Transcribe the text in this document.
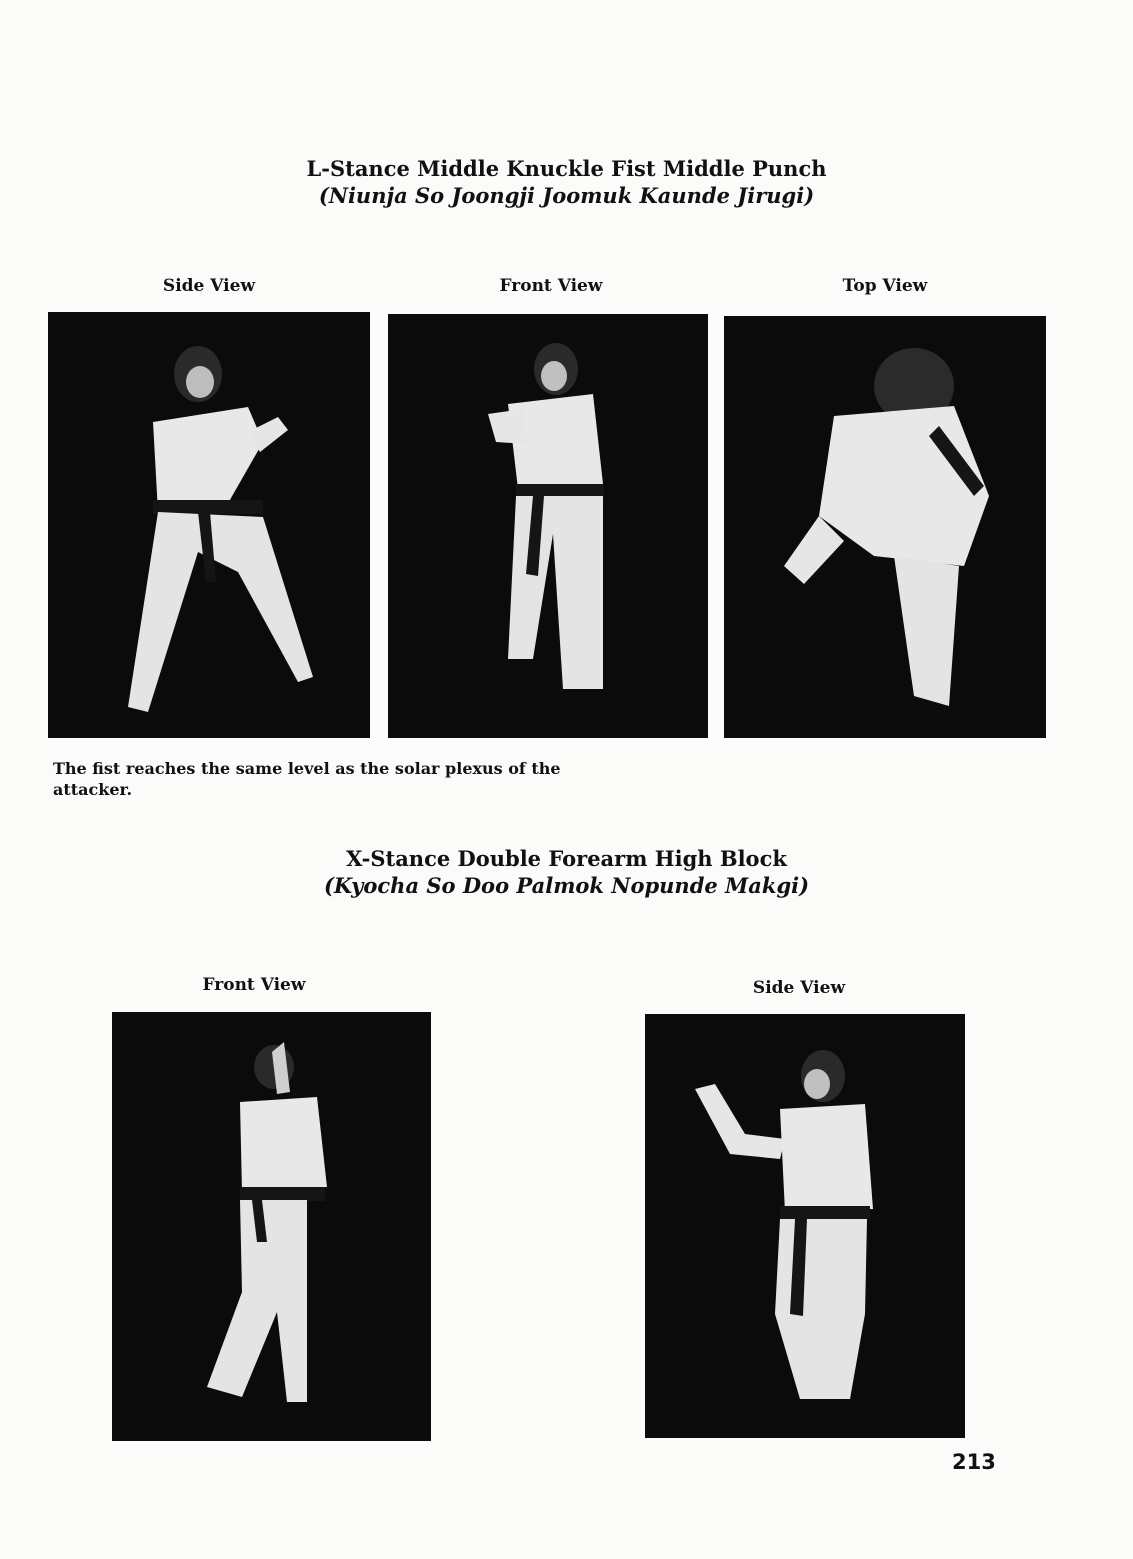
L-Stance Middle Knuckle Fist Middle Punch
(Niunja So Joongji Joomuk Kaunde Jirugi)
Side View	Front View	Top View
The fist reaches the same level as the solar plexus of the attacker.
X-Stance Double Forearm High Block
(Kyocha So Doo Palmok Nopunde Makgi)
Front View	Side View
213
